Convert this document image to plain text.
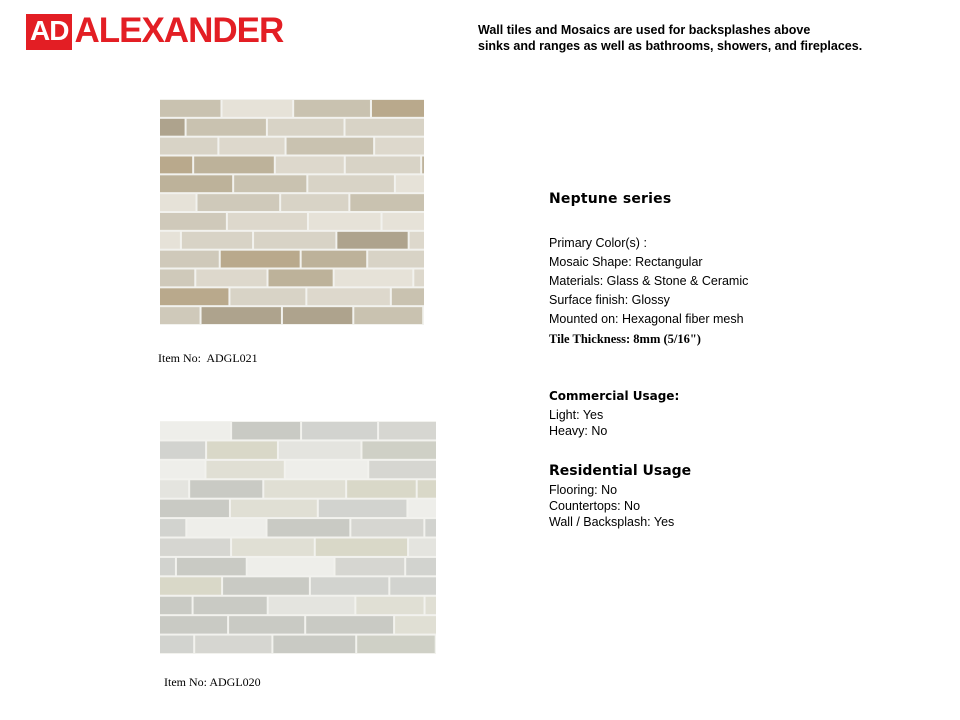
AD ALEXANDER	Wall tiles and Mosaics are used for backsplashes above
sinks and ranges as well as bathrooms, showers, and fireplaces.
Item No:  ADGL021
Item No: ADGL020
Neptune series
Primary Color(s) :
Mosaic Shape: Rectangular
Materials: Glass & Stone & Ceramic
Surface finish: Glossy
Mounted on: Hexagonal fiber mesh
Tile Thickness: 8mm (5/16")
Commercial Usage:
Light: Yes
Heavy: No
Residential Usage
Flooring: No
Countertops: No
Wall / Backsplash: Yes
